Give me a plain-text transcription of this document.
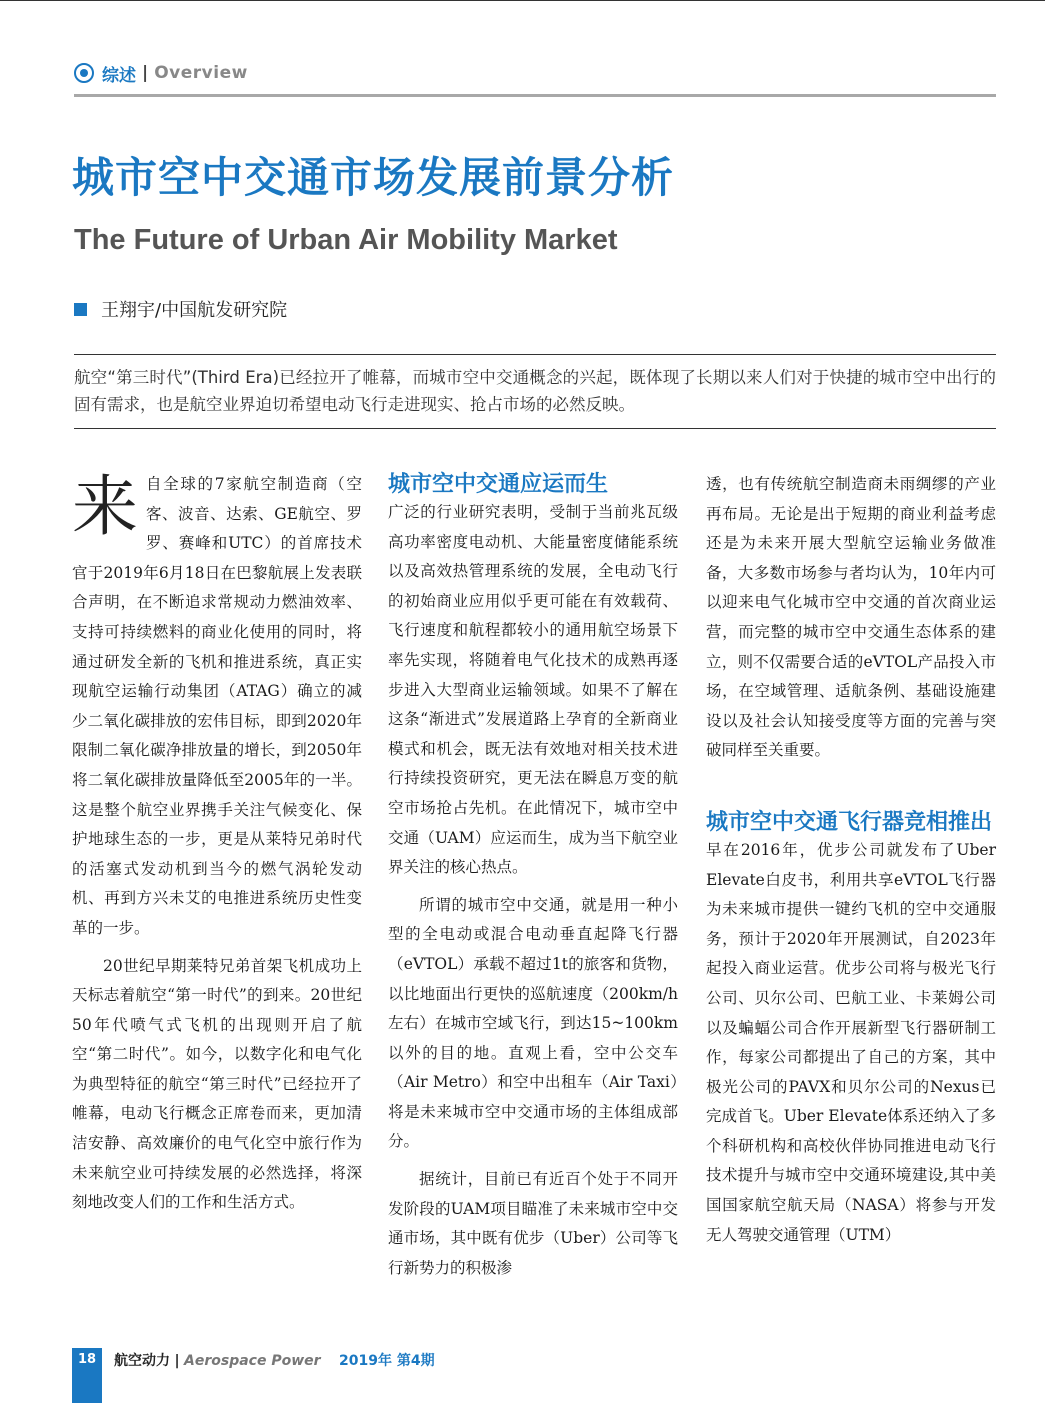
综述 | Overview
城市空中交通市场发展前景分析
The Future of Urban Air Mobility Market
王翔宇/中国航发研究院

航空“第三时代”(Third Era)已经拉开了帷幕，而城市空中交通概念的兴起，既体现了长期以来人们对于快捷的城市空中出行的固有需求，也是航空业界迫切希望电动飞行走进现实、抢占市场的必然反映。

来 自全球的7家航空制造商（空客、波音、达索、GE航空、罗罗、赛峰和UTC）的首席技术官于2019年6月18日在巴黎航展上发表联合声明，在不断追求常规动力燃油效率、支持可持续燃料的商业化使用的同时，将通过研发全新的飞机和推进系统，真正实现航空运输行动集团（ATAG）确立的减少二氧化碳排放的宏伟目标，即到2020年限制二氧化碳净排放量的增长，到2050年将二氧化碳排放量降低至2005年的一半。这是整个航空业界携手关注气候变化、保护地球生态的一步，更是从莱特兄弟时代的活塞式发动机到当今的燃气涡轮发动机、再到方兴未艾的电推进系统历史性变革的一步。

20世纪早期莱特兄弟首架飞机成功上天标志着航空“第一时代”的到来。20世纪50年代喷气式飞机的出现则开启了航空“第二时代”。如今，以数字化和电气化为典型特征的航空“第三时代”已经拉开了帷幕，电动飞行概念正席卷而来，更加清洁安静、高效廉价的电气化空中旅行作为未来航空业可持续发展的必然选择，将深刻地改变人们的工作和生活方式。

城市空中交通应运而生

广泛的行业研究表明，受制于当前兆瓦级高功率密度电动机、大能量密度储能系统以及高效热管理系统的发展，全电动飞行的初始商业应用似乎更可能在有效载荷、飞行速度和航程都较小的通用航空场景下率先实现，将随着电气化技术的成熟再逐步进入大型商业运输领域。如果不了解在这条“渐进式”发展道路上孕育的全新商业模式和机会，既无法有效地对相关技术进行持续投资研究，更无法在瞬息万变的航空市场抢占先机。在此情况下，城市空中交通（UAM）应运而生，成为当下航空业界关注的核心热点。

所谓的城市空中交通，就是用一种小型的全电动或混合电动垂直起降飞行器（eVTOL）承载不超过1t的旅客和货物，以比地面出行更快的巡航速度（200km/h左右）在城市空域飞行，到达15~100km以外的目的地。直观上看，空中公交车（Air Metro）和空中出租车（Air Taxi）将是未来城市空中交通市场的主体组成部分。

据统计，目前已有近百个处于不同开发阶段的UAM项目瞄准了未来城市空中交通市场，其中既有优步（Uber）公司等飞行新势力的积极渗

透，也有传统航空制造商未雨绸缪的产业再布局。无论是出于短期的商业利益考虑还是为未来开展大型航空运输业务做准备，大多数市场参与者均认为，10年内可以迎来电气化城市空中交通的首次商业运营，而完整的城市空中交通生态体系的建立，则不仅需要合适的eVTOL产品投入市场，在空域管理、适航条例、基础设施建设以及社会认知接受度等方面的完善与突破同样至关重要。

城市空中交通飞行器竞相推出

早在2016年，优步公司就发布了Uber Elevate白皮书，利用共享eVTOL飞行器为未来城市提供一键约飞机的空中交通服务，预计于2020年开展测试，自2023年起投入商业运营。优步公司将与极光飞行公司、贝尔公司、巴航工业、卡莱姆公司以及蝙蝠公司合作开展新型飞行器研制工作，每家公司都提出了自己的方案，其中极光公司的PAVX和贝尔公司的Nexus已完成首飞。Uber Elevate体系还纳入了多个科研机构和高校伙伴协同推进电动飞行技术提升与城市空中交通环境建设,其中美国国家航空航天局（NASA）将参与开发无人驾驶交通管理（UTM）

18	航空动力 | Aerospace Power 2019年 第4期
